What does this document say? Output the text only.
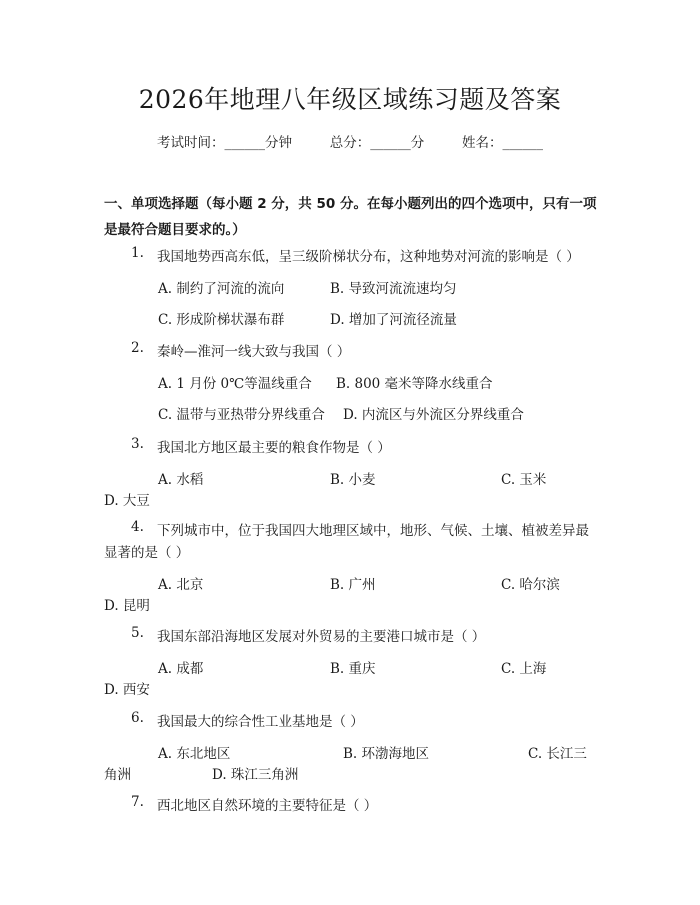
2026年地理八年级区域练习题及答案
考试时间：______分钟	总分：______分	姓名：______
一、单项选择题（每小题 2 分，共 50 分。在每小题列出的四个选项中，只有一项是最符合题目要求的。）
1. 我国地势西高东低，呈三级阶梯状分布，这种地势对河流的影响是（ ）
A. 制约了河流的流向	B. 导致河流流速均匀
C. 形成阶梯状瀑布群	D. 增加了河流径流量
2. 秦岭—淮河一线大致与我国（ ）
A. 1 月份 0℃等温线重合 B. 800 毫米等降水线重合
C. 温带与亚热带分界线重合 D. 内流区与外流区分界线重合
3. 我国北方地区最主要的粮食作物是（ ）
A. 水稻	B. 小麦	C. 玉米
D. 大豆
4. 下列城市中，位于我国四大地理区域中，地形、气候、土壤、植被差异最
显著的是（ ）
A. 北京	B. 广州	C. 哈尔滨
D. 昆明
5. 我国东部沿海地区发展对外贸易的主要港口城市是（ ）
A. 成都	B. 重庆	C. 上海
D. 西安
6. 我国最大的综合性工业基地是（ ）
A. 东北地区	B. 环渤海地区	C. 长江三
角洲	D. 珠江三角洲
7. 西北地区自然环境的主要特征是（ ）
